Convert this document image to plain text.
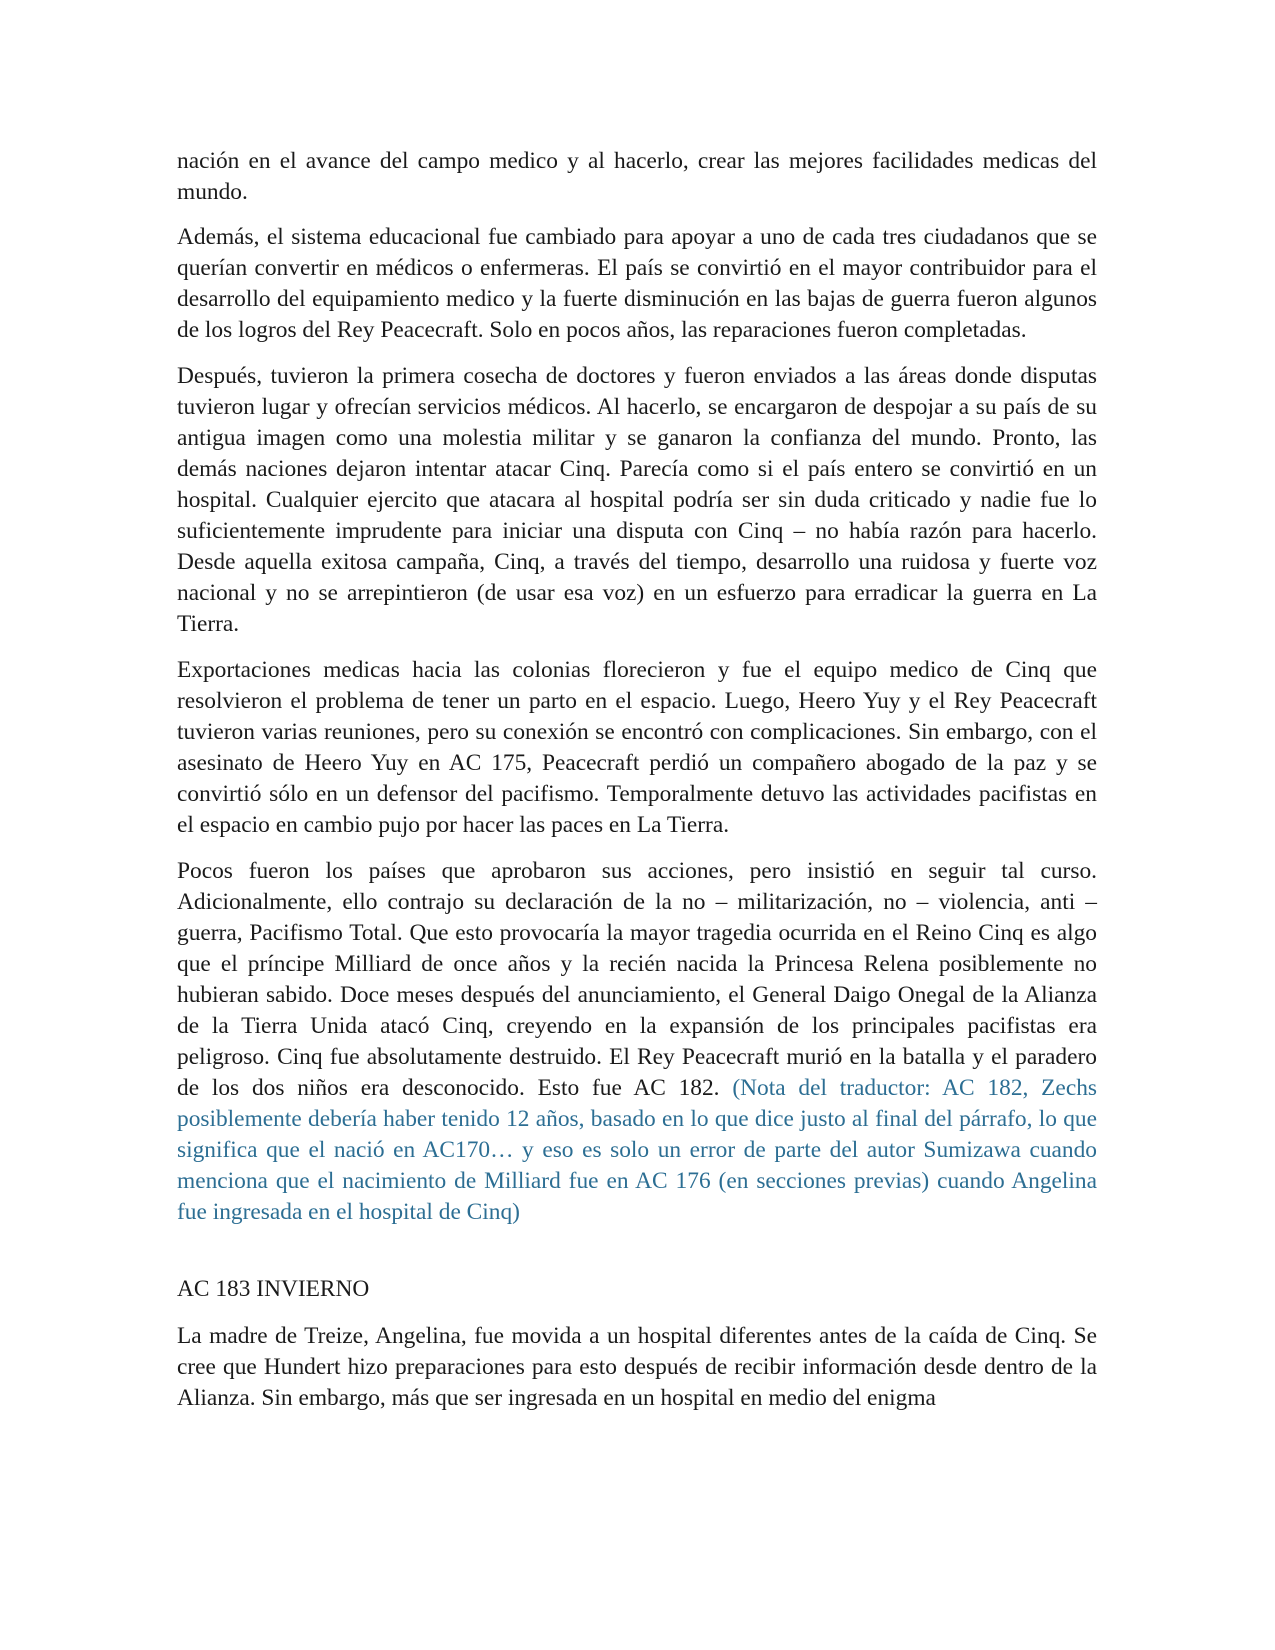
nación en el avance del campo medico y al hacerlo, crear las mejores facilidades medicas del mundo.

Además, el sistema educacional fue cambiado para apoyar a uno de cada tres ciudadanos que se querían convertir en médicos o enfermeras. El país se convirtió en el mayor contribuidor para el desarrollo del equipamiento medico y la fuerte disminución en las bajas de guerra fueron algunos de los logros del Rey Peacecraft. Solo en pocos años, las reparaciones fueron completadas.

Después, tuvieron la primera cosecha de doctores y fueron enviados a las áreas donde disputas tuvieron lugar y ofrecían servicios médicos. Al hacerlo, se encargaron de despojar a su país de su antigua imagen como una molestia militar y se ganaron la confianza del mundo. Pronto, las demás naciones dejaron intentar atacar Cinq. Parecía como si el país entero se convirtió en un hospital. Cualquier ejercito que atacara al hospital podría ser sin duda criticado y nadie fue lo suficientemente imprudente para iniciar una disputa con Cinq – no había razón para hacerlo. Desde aquella exitosa campaña, Cinq, a través del tiempo, desarrollo una ruidosa y fuerte voz nacional y no se arrepintieron (de usar esa voz) en un esfuerzo para erradicar la guerra en La Tierra.

Exportaciones medicas hacia las colonias florecieron y fue el equipo medico de Cinq que resolvieron el problema de tener un parto en el espacio. Luego, Heero Yuy y el Rey Peacecraft tuvieron varias reuniones, pero su conexión se encontró con complicaciones. Sin embargo, con el asesinato de Heero Yuy en AC 175, Peacecraft perdió un compañero abogado de la paz y se convirtió sólo en un defensor del pacifismo. Temporalmente detuvo las actividades pacifistas en el espacio en cambio pujo por hacer las paces en La Tierra.

Pocos fueron los países que aprobaron sus acciones, pero insistió en seguir tal curso. Adicionalmente, ello contrajo su declaración de la no – militarización, no – violencia, anti – guerra, Pacifismo Total. Que esto provocaría la mayor tragedia ocurrida en el Reino Cinq es algo que el príncipe Milliard de once años y la recién nacida la Princesa Relena posiblemente no hubieran sabido. Doce meses después del anunciamiento, el General Daigo Onegal de la Alianza de la Tierra Unida atacó Cinq, creyendo en la expansión de los principales pacifistas era peligroso. Cinq fue absolutamente destruido. El Rey Peacecraft murió en la batalla y el paradero de los dos niños era desconocido. Esto fue AC 182. (Nota del traductor: AC 182, Zechs posiblemente debería haber tenido 12 años, basado en lo que dice justo al final del párrafo, lo que significa que el nació en AC170… y eso es solo un error de parte del autor Sumizawa cuando menciona que el nacimiento de Milliard fue en AC 176 (en secciones previas) cuando Angelina fue ingresada en el hospital de Cinq)

AC 183 INVIERNO

La madre de Treize, Angelina, fue movida a un hospital diferentes antes de la caída de Cinq. Se cree que Hundert hizo preparaciones para esto después de recibir información desde dentro de la Alianza. Sin embargo, más que ser ingresada en un hospital en medio del enigma
